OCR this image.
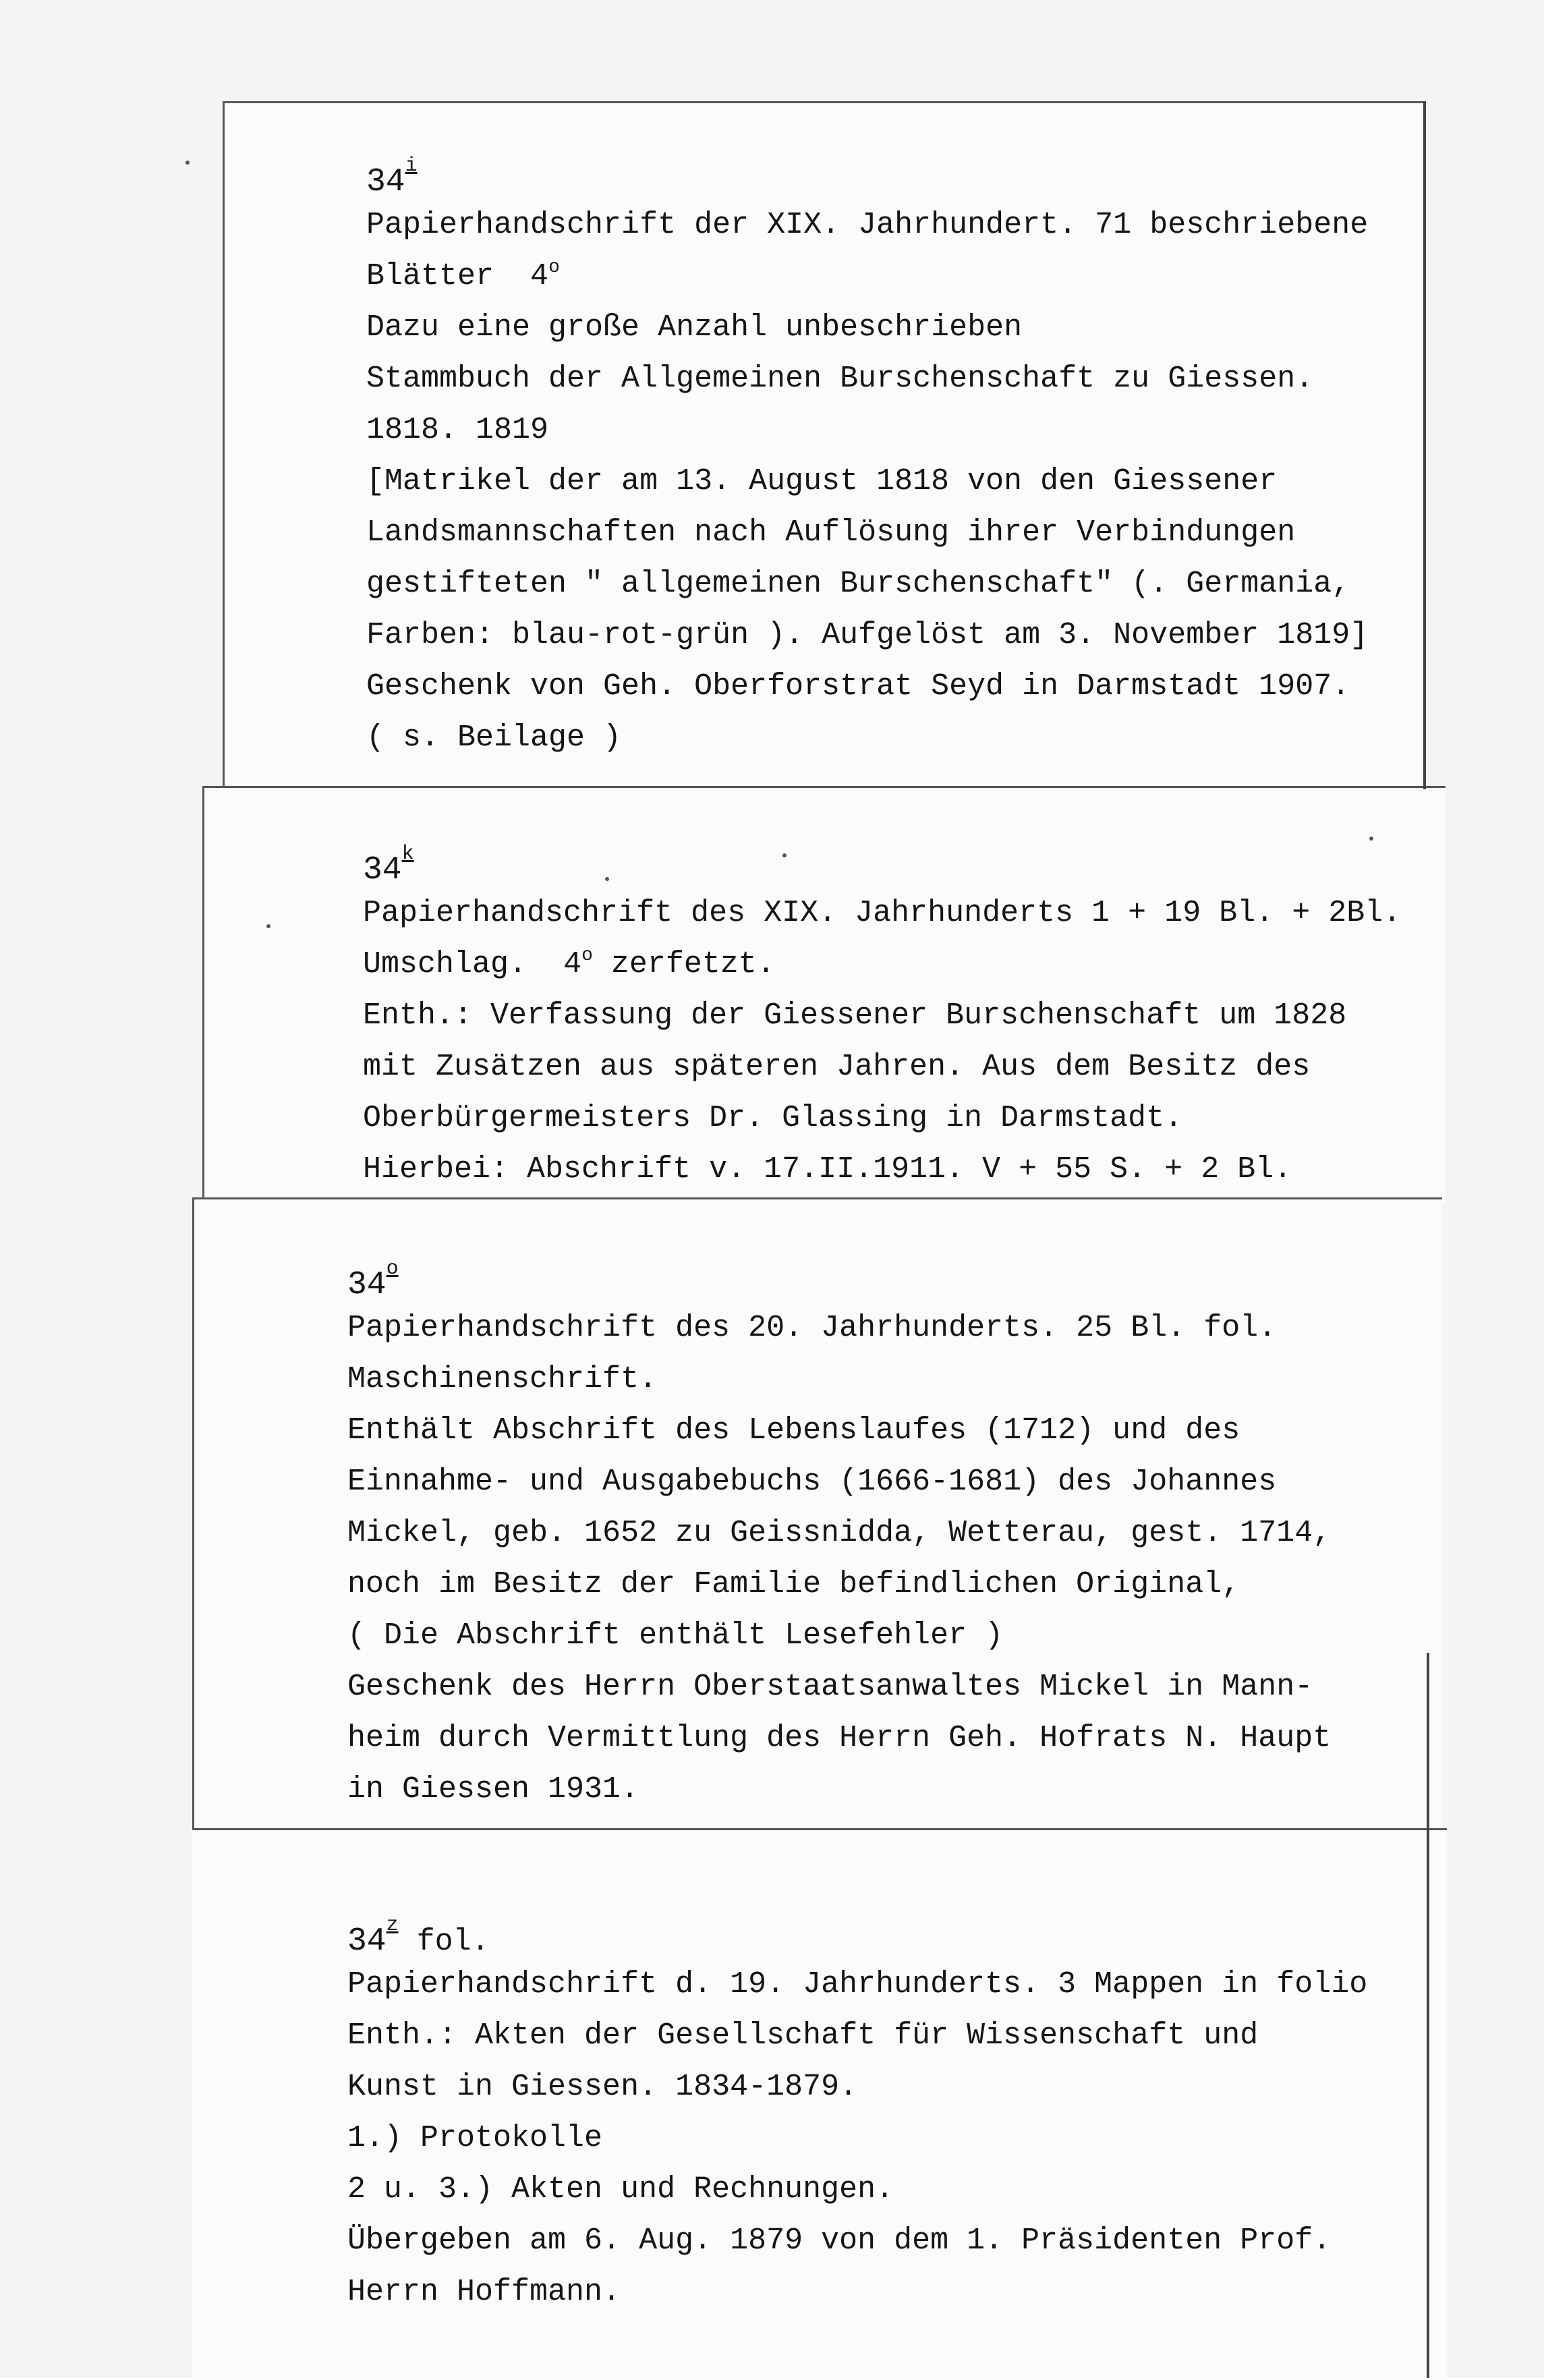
34$^i$
Papierhandschrift der XIX. Jahrhundert. 71 beschriebene
Blätter 4$^o$
Dazu eine große Anzahl unbeschrieben
Stammbuch der Allgemeinen Burschenschaft zu Giessen.
1818. 1819
[Matrikel der am 13. August 1818 von den Giessener
Landsmannschaften nach Auflösung ihrer Verbindungen
gestifteten " allgemeinen Burschenschaft" (. Germania,
Farben: blau-rot-grün ). Aufgelöst am 3. November 1819]
Geschenk von Geh. Oberforstrat Seyd in Darmstadt 1907.
( s. Beilage )
34$^k$
Papierhandschrift des XIX. Jahrhunderts 1 + 19 Bl. + 2Bl.
Umschlag. 4$^o$ zerfetzt.
Enth.: Verfassung der Giessener Burschenschaft um 1828
mit Zusätzen aus späteren Jahren. Aus dem Besitz des
Oberbürgermeisters Dr. Glassing in Darmstadt.
Hierbei: Abschrift v. 17.II.1911. V + 55 S. + 2 Bl.
34$^o$
Papierhandschrift des 20. Jahrhunderts. 25 Bl. fol.
Maschinenschrift.
Enthält Abschrift des Lebenslaufes (1712) und des
Einnahme- und Ausgabebuchs (1666-1681) des Johannes
Mickel, geb. 1652 zu Geissnidda, Wetterau, gest. 1714,
noch im Besitz der Familie befindlichen Original,
( Die Abschrift enthält Lesefehler )
Geschenk des Herrn Oberstaatsanwaltes Mickel in Mann-
heim durch Vermittlung des Herrn Geh. Hofrats N. Haupt
in Giessen 1931.
34$^z$ fol.
Papierhandschrift d. 19. Jahrhunderts. 3 Mappen in folio
Enth.: Akten der Gesellschaft für Wissenschaft und
Kunst in Giessen. 1834-1879.
1.) Protokolle
2 u. 3.) Akten und Rechnungen.
Übergeben am 6. Aug. 1879 von dem 1. Präsidenten Prof.
Herrn Hoffmann.
